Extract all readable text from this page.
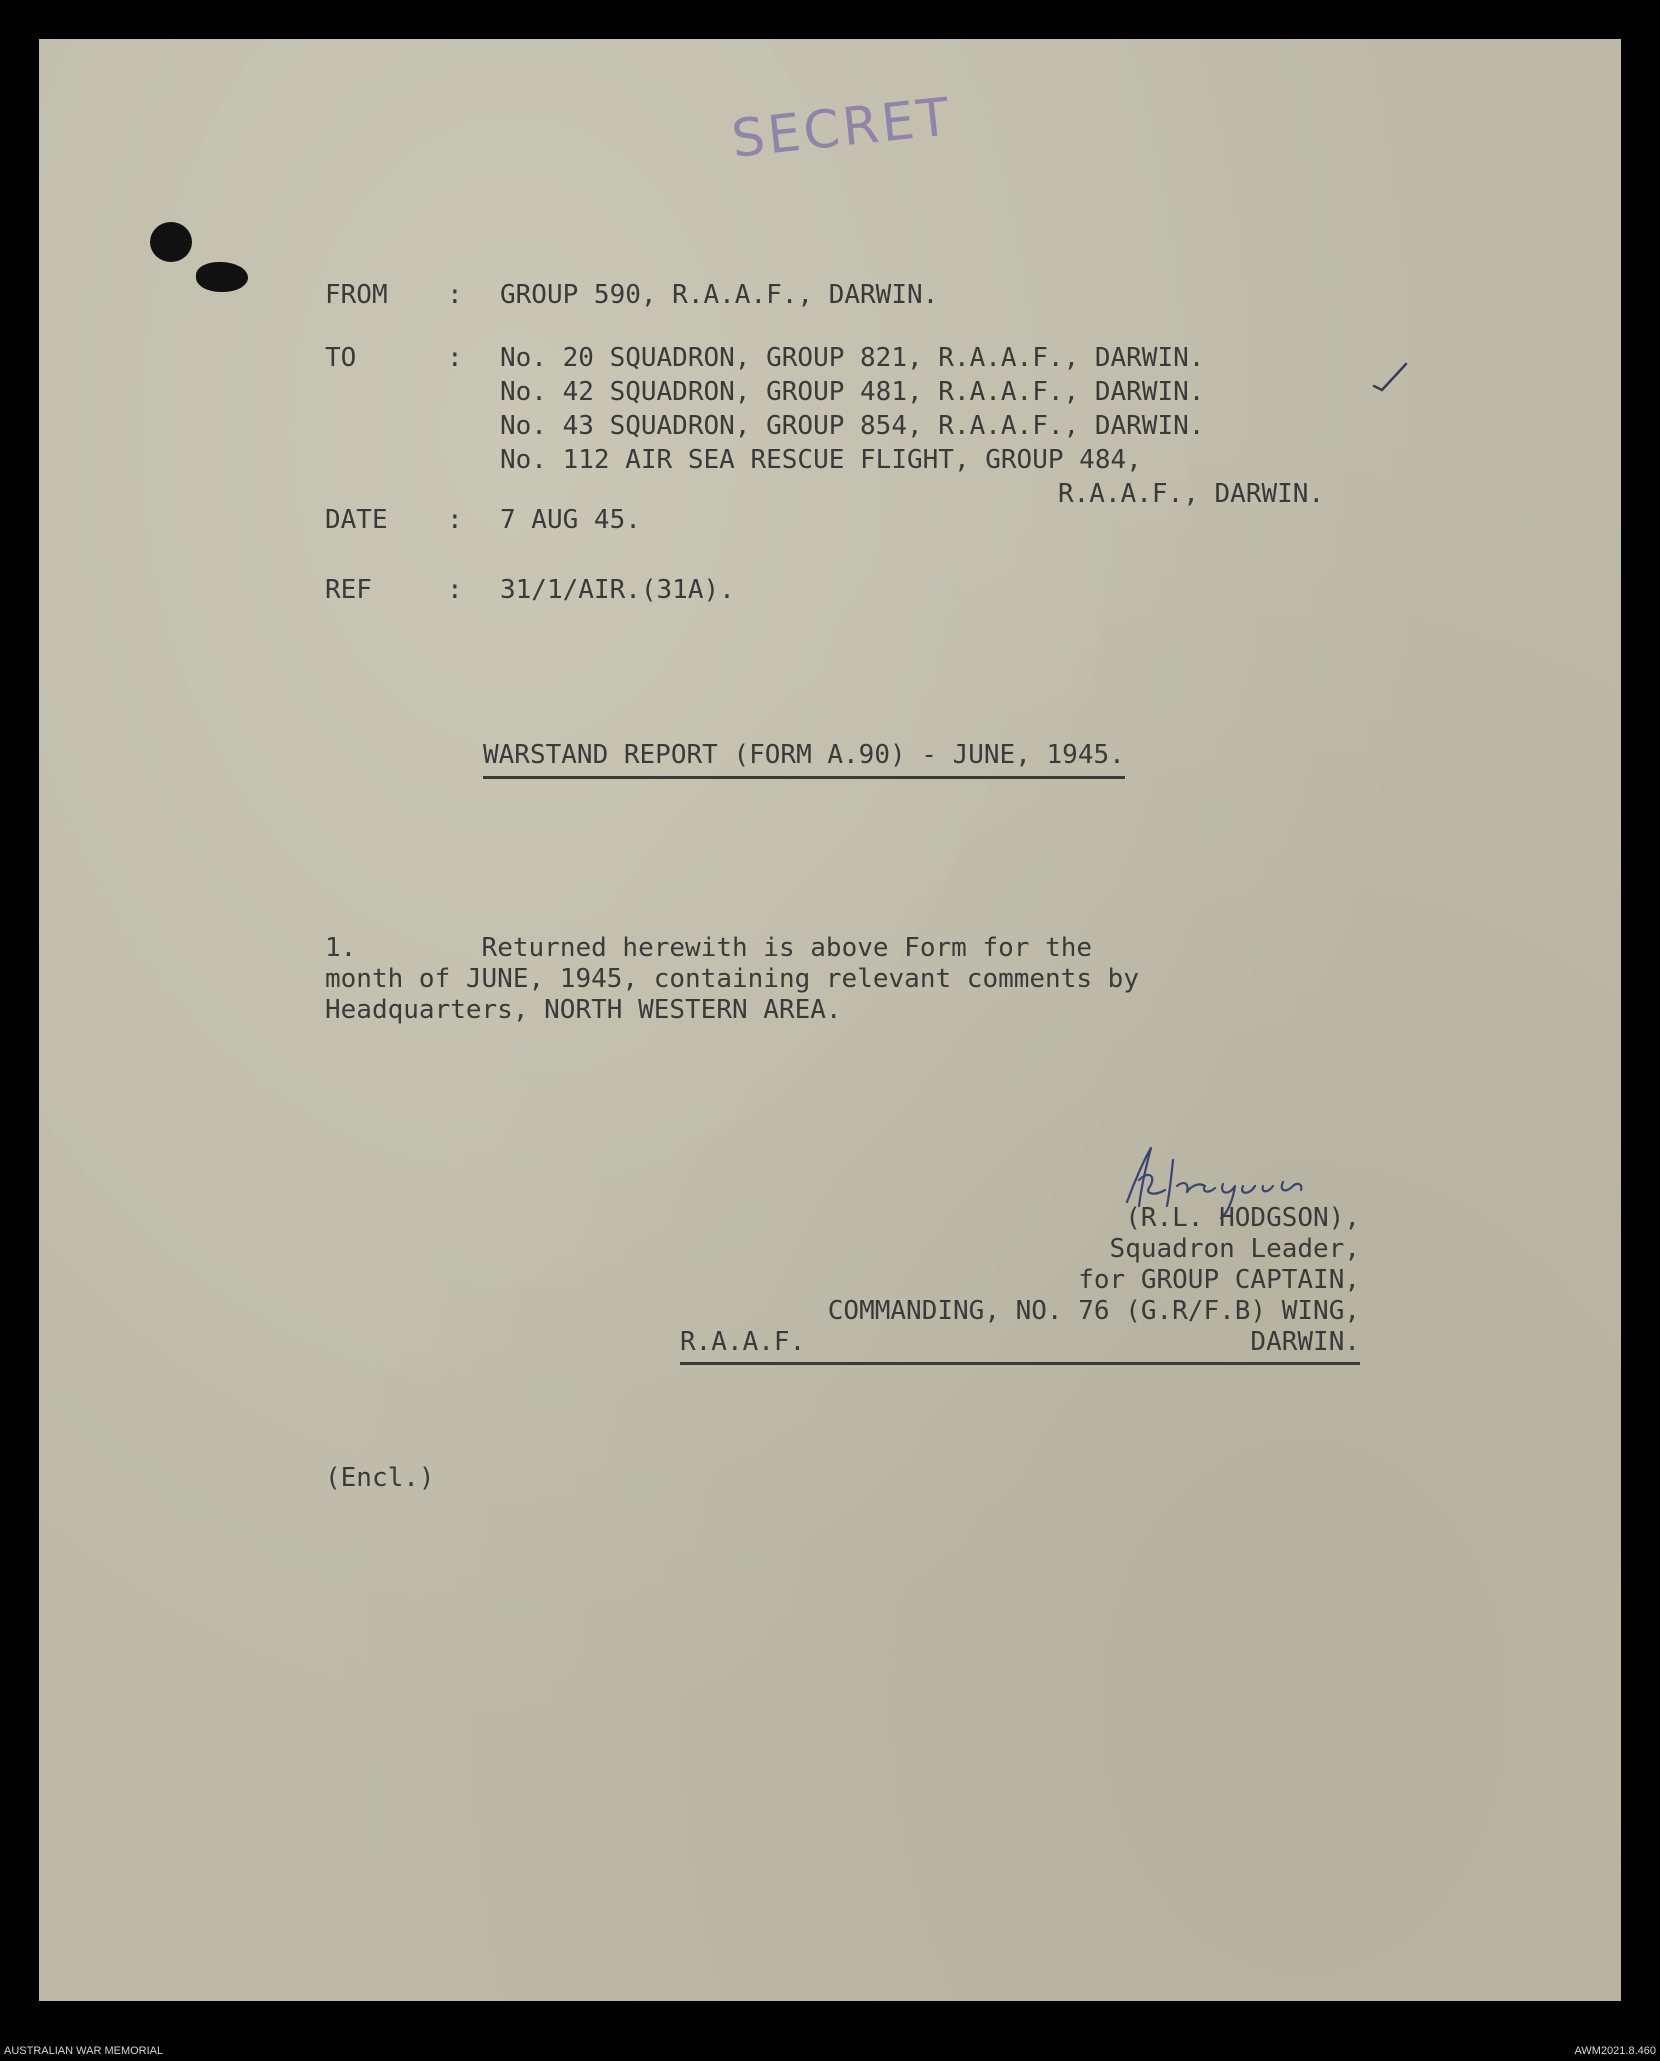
SECRET
FROM : GROUP 590, R.A.A.F., DARWIN.
TO	: No. 20 SQUADRON, GROUP 821, R.A.A.F., DARWIN.
No. 42 SQUADRON, GROUP 481, R.A.A.F., DARWIN.
No. 43 SQUADRON, GROUP 854, R.A.A.F., DARWIN.
No. 112 AIR SEA RESCUE FLIGHT, GROUP 484,
R.A.A.F., DARWIN.
DATE : 7 AUG 45.
REF	: 31/1/AIR.(31A).
WARSTAND REPORT (FORM A.90) - JUNE, 1945.
1.	Returned herewith is above Form for the
month of JUNE, 1945, containing relevant comments by
Headquarters, NORTH WESTERN AREA.
(R.L. HODGSON),
Squadron Leader,
for GROUP CAPTAIN,
COMMANDING, NO. 76 (G.R/F.B) WING,
R.A.A.F.	DARWIN.
(Encl.)
AUSTRALIAN WAR MEMORIAL	AWM2021.8.460
